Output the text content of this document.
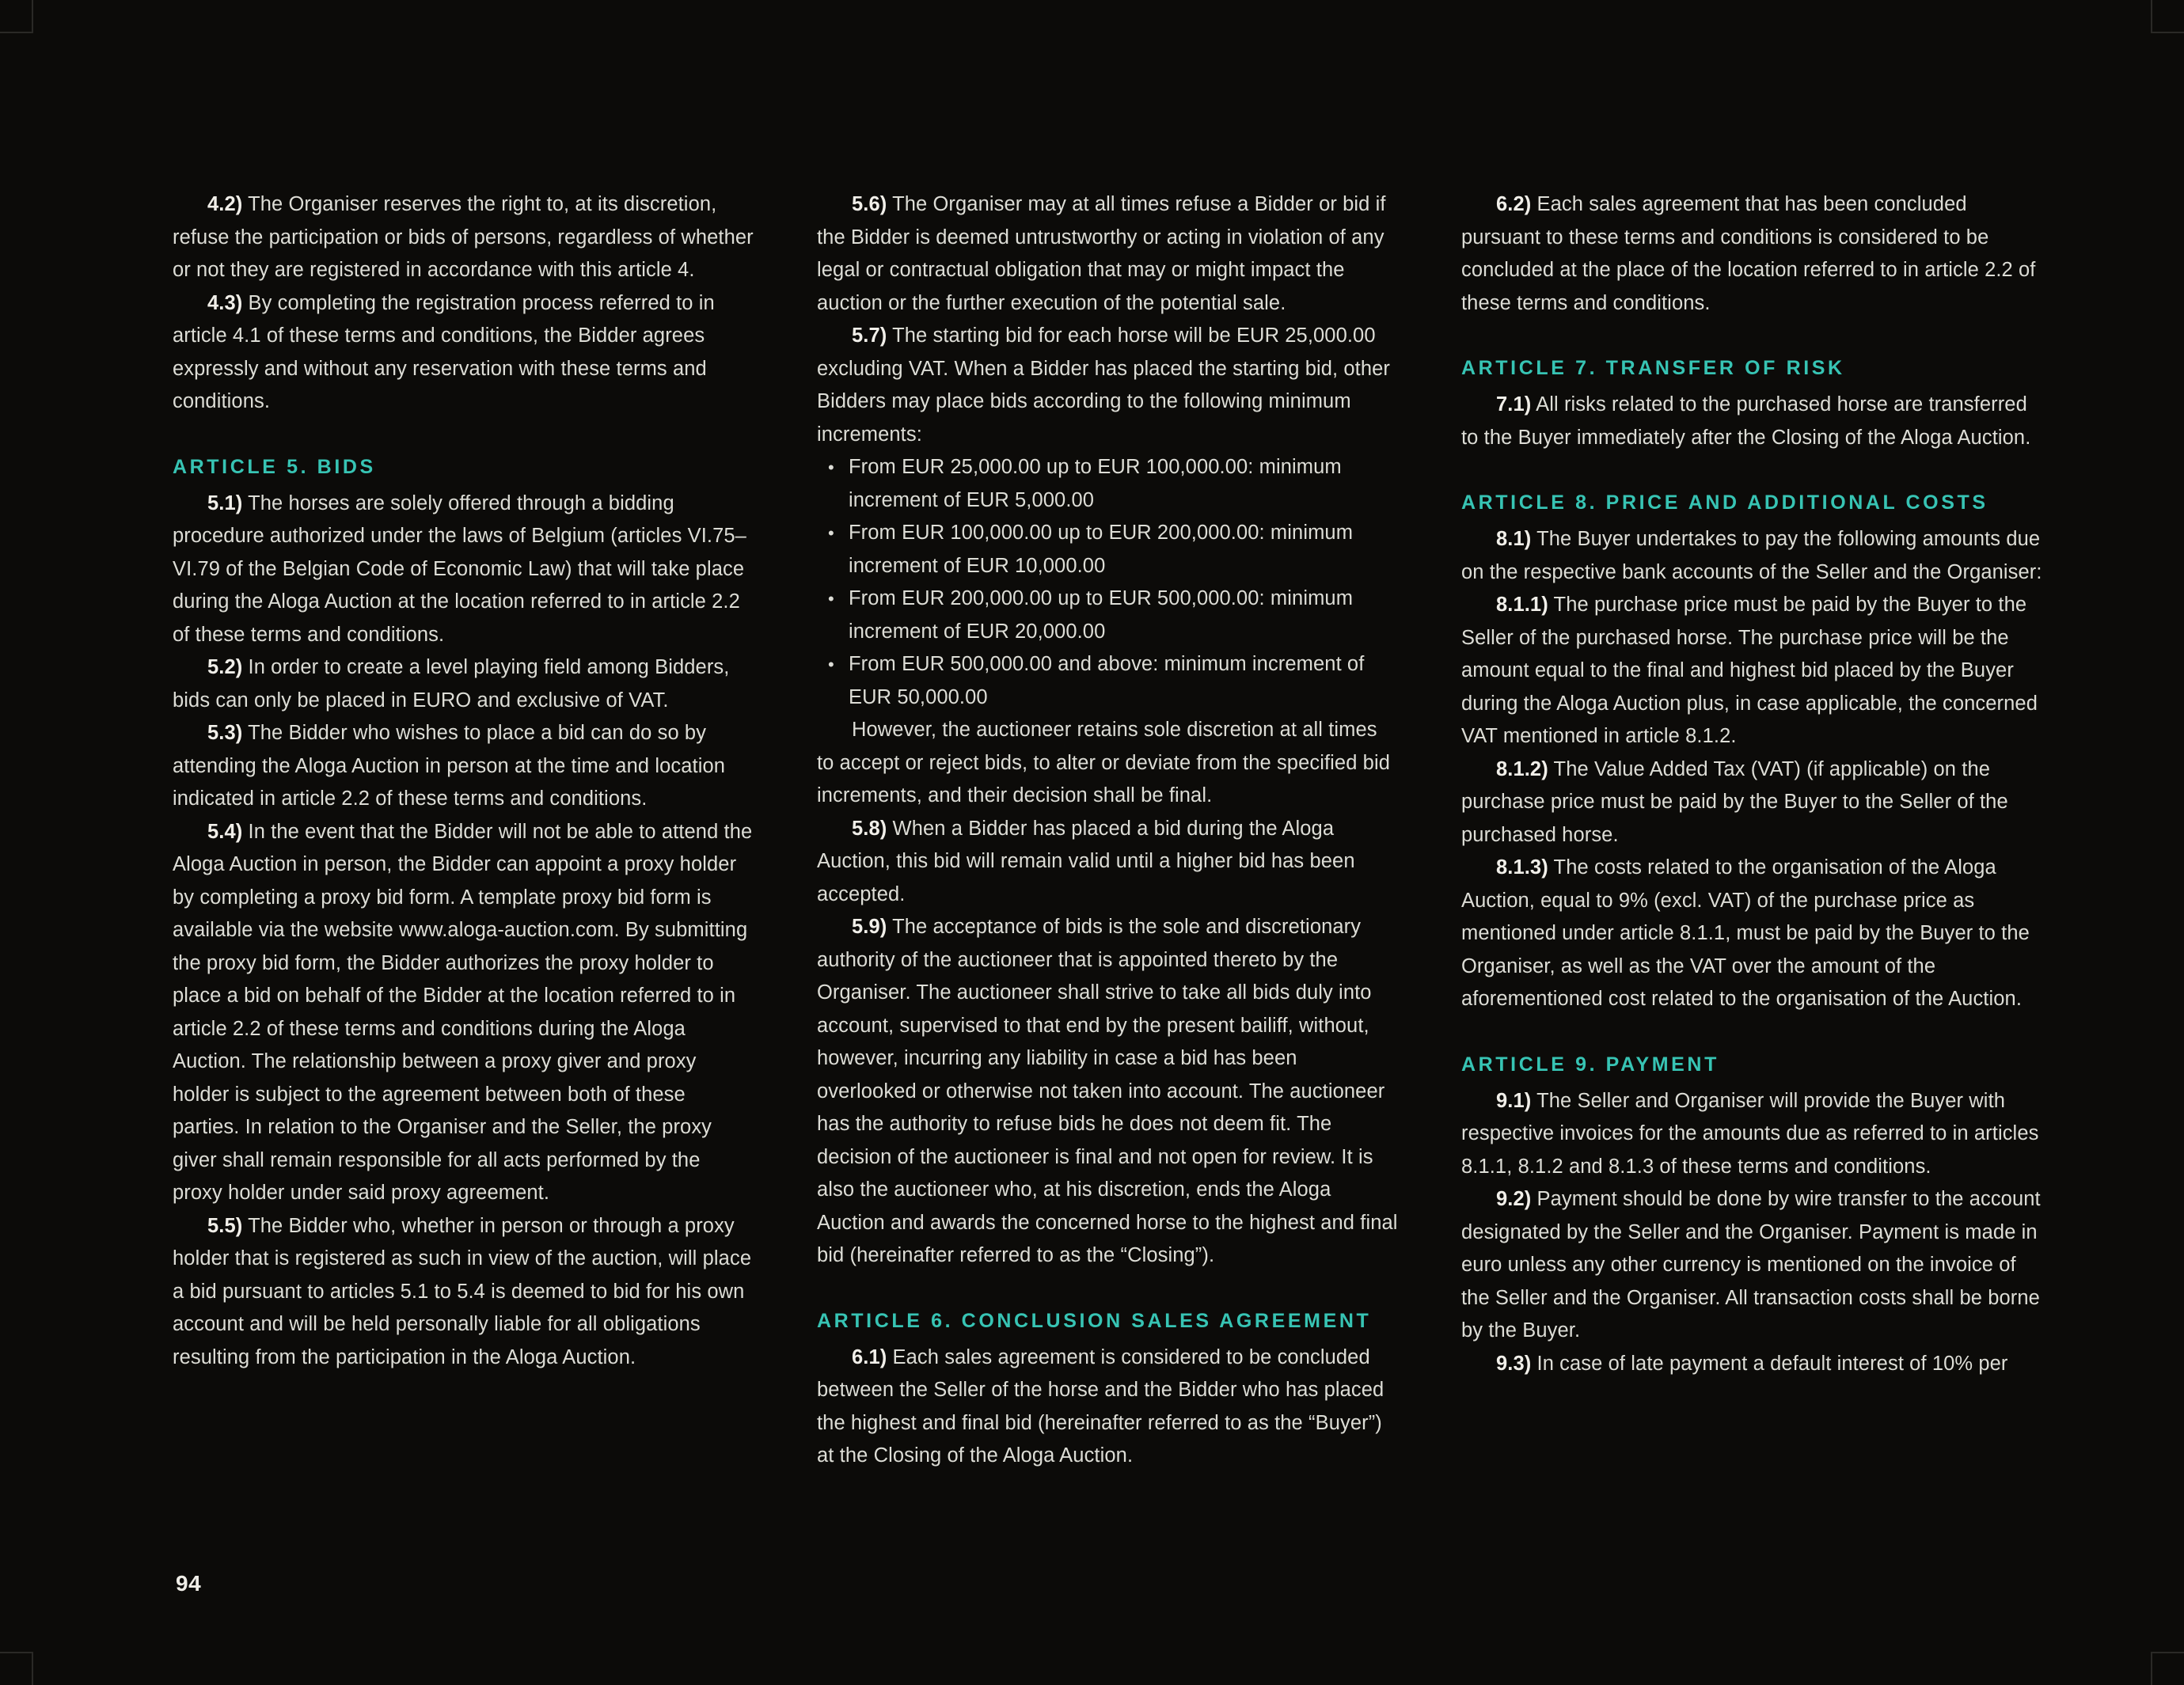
4.2) The Organiser reserves the right to, at its discretion, refuse the participation or bids of persons, regardless of whether or not they are registered in accordance with this article 4.

4.3) By completing the registration process referred to in article 4.1 of these terms and conditions, the Bidder agrees expressly and without any reservation with these terms and conditions.

ARTICLE 5. BIDS

5.1) The horses are solely offered through a bidding procedure authorized under the laws of Belgium (articles VI.75–VI.79 of the Belgian Code of Economic Law) that will take place during the Aloga Auction at the location referred to in article 2.2 of these terms and conditions.

5.2) In order to create a level playing field among Bidders, bids can only be placed in EURO and exclusive of VAT.

5.3) The Bidder who wishes to place a bid can do so by attending the Aloga Auction in person at the time and location indicated in article 2.2 of these terms and conditions.

5.4) In the event that the Bidder will not be able to attend the Aloga Auction in person, the Bidder can appoint a proxy holder by completing a proxy bid form. A template proxy bid form is available via the website www.aloga-auction.com. By submitting the proxy bid form, the Bidder authorizes the proxy holder to place a bid on behalf of the Bidder at the location referred to in article 2.2 of these terms and conditions during the Aloga Auction. The relationship between a proxy giver and proxy holder is subject to the agreement between both of these parties. In relation to the Organiser and the Seller, the proxy giver shall remain responsible for all acts performed by the proxy holder under said proxy agreement.

5.5) The Bidder who, whether in person or through a proxy holder that is registered as such in view of the auction, will place a bid pursuant to articles 5.1 to 5.4 is deemed to bid for his own account and will be held personally liable for all obligations resulting from the participation in the Aloga Auction.

5.6) The Organiser may at all times refuse a Bidder or bid if the Bidder is deemed untrustworthy or acting in violation of any legal or contractual obligation that may or might impact the auction or the further execution of the potential sale.

5.7) The starting bid for each horse will be EUR 25,000.00 excluding VAT. When a Bidder has placed the starting bid, other Bidders may place bids according to the following minimum increments:

• From EUR 25,000.00 up to EUR 100,000.00: minimum increment of EUR 5,000.00
• From EUR 100,000.00 up to EUR 200,000.00: minimum increment of EUR 10,000.00
• From EUR 200,000.00 up to EUR 500,000.00: minimum increment of EUR 20,000.00
• From EUR 500,000.00 and above: minimum increment of EUR 50,000.00

However, the auctioneer retains sole discretion at all times to accept or reject bids, to alter or deviate from the specified bid increments, and their decision shall be final.

5.8) When a Bidder has placed a bid during the Aloga Auction, this bid will remain valid until a higher bid has been accepted.

5.9) The acceptance of bids is the sole and discretionary authority of the auctioneer that is appointed thereto by the Organiser. The auctioneer shall strive to take all bids duly into account, supervised to that end by the present bailiff, without, however, incurring any liability in case a bid has been overlooked or otherwise not taken into account. The auctioneer has the authority to refuse bids he does not deem fit. The decision of the auctioneer is final and not open for review. It is also the auctioneer who, at his discretion, ends the Aloga Auction and awards the concerned horse to the highest and final bid (hereinafter referred to as the “Closing”).

ARTICLE 6. CONCLUSION SALES AGREEMENT

6.1) Each sales agreement is considered to be concluded between the Seller of the horse and the Bidder who has placed the highest and final bid (hereinafter referred to as the “Buyer”) at the Closing of the Aloga Auction.

6.2) Each sales agreement that has been concluded pursuant to these terms and conditions is considered to be concluded at the place of the location referred to in article 2.2 of these terms and conditions.

ARTICLE 7. TRANSFER OF RISK

7.1) All risks related to the purchased horse are transferred to the Buyer immediately after the Closing of the Aloga Auction.

ARTICLE 8. PRICE AND ADDITIONAL COSTS

8.1) The Buyer undertakes to pay the following amounts due on the respective bank accounts of the Seller and the Organiser:

8.1.1) The purchase price must be paid by the Buyer to the Seller of the purchased horse. The purchase price will be the amount equal to the final and highest bid placed by the Buyer during the Aloga Auction plus, in case applicable, the concerned VAT mentioned in article 8.1.2.

8.1.2) The Value Added Tax (VAT) (if applicable) on the purchase price must be paid by the Buyer to the Seller of the purchased horse.

8.1.3) The costs related to the organisation of the Aloga Auction, equal to 9% (excl. VAT) of the purchase price as mentioned under article 8.1.1, must be paid by the Buyer to the Organiser, as well as the VAT over the amount of the aforementioned cost related to the organisation of the Auction.

ARTICLE 9. PAYMENT

9.1) The Seller and Organiser will provide the Buyer with respective invoices for the amounts due as referred to in articles 8.1.1, 8.1.2 and 8.1.3 of these terms and conditions.

9.2) Payment should be done by wire transfer to the account designated by the Seller and the Organiser. Payment is made in euro unless any other currency is mentioned on the invoice of the Seller and the Organiser. All transaction costs shall be borne by the Buyer.

9.3) In case of late payment a default interest of 10% per

94
